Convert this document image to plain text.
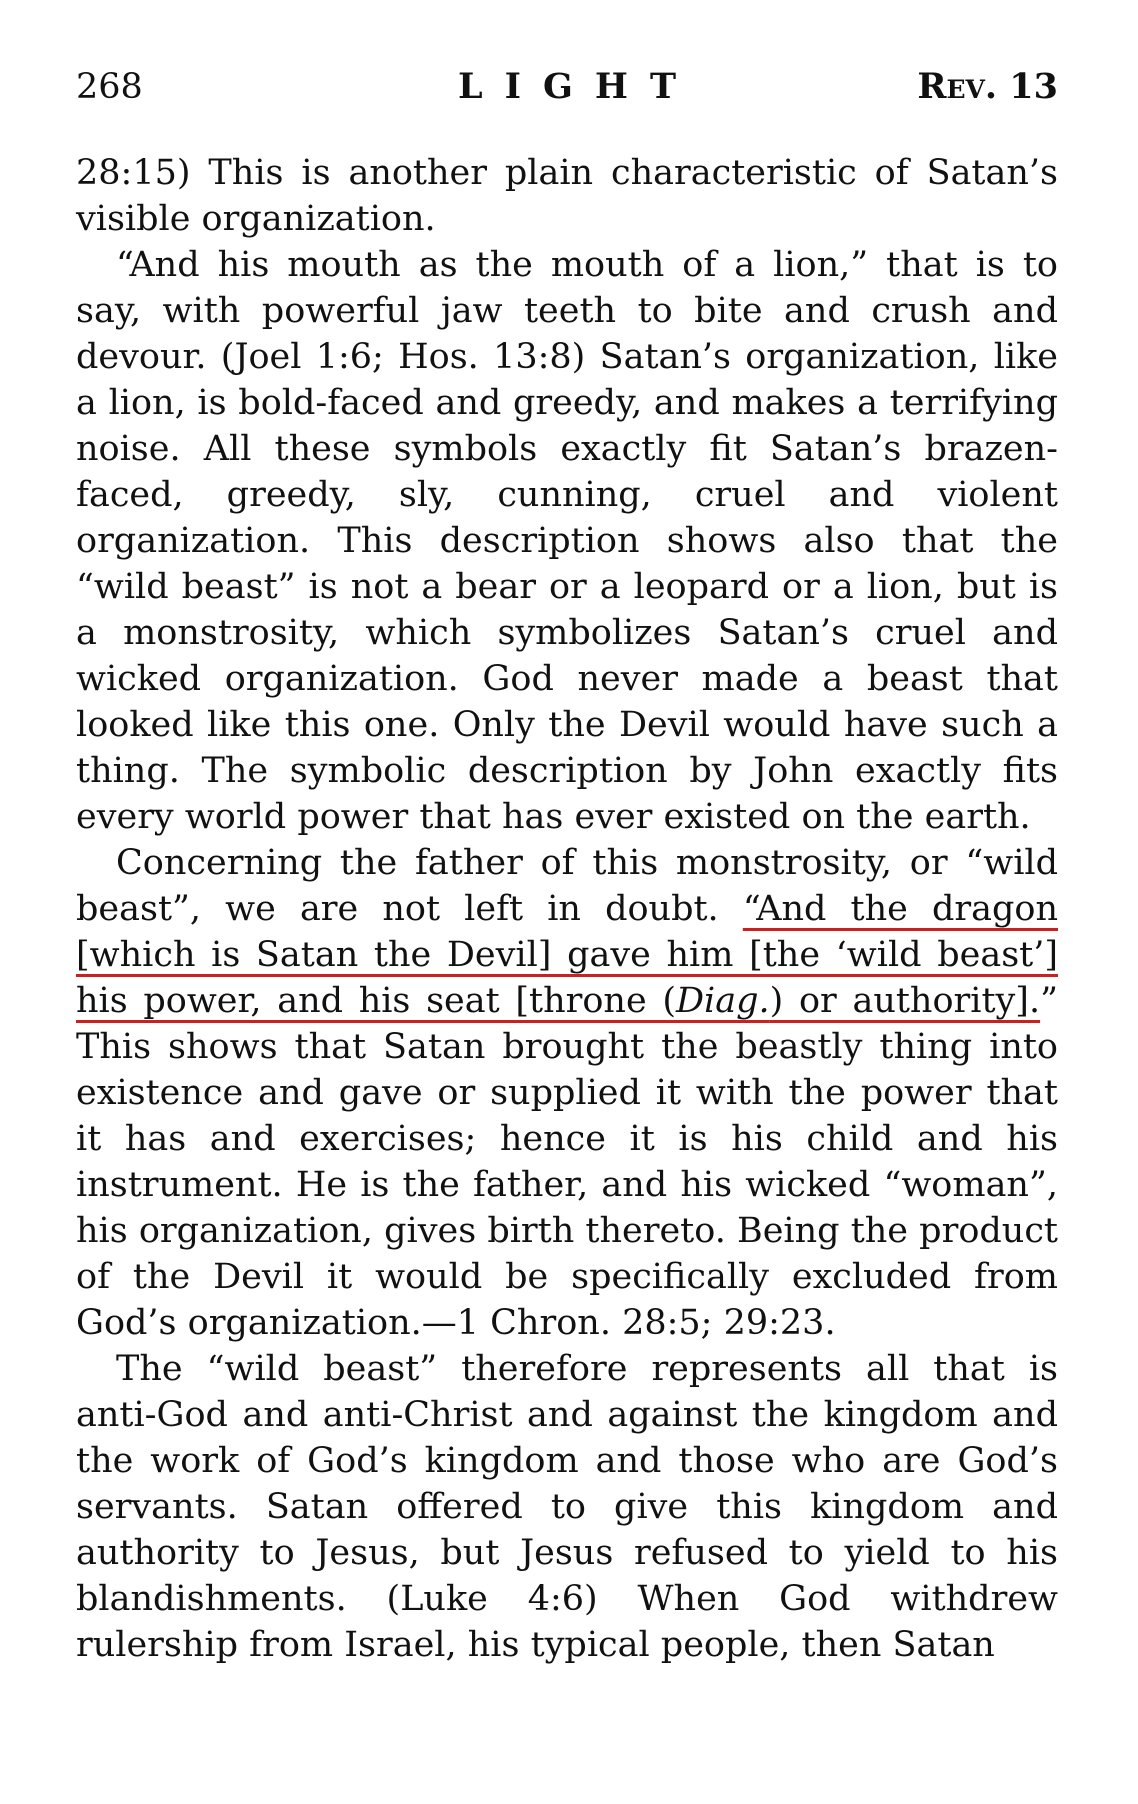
268	LIGHT	Rev. 13

28:15) This is another plain characteristic of Satan’s visible organization.

“And his mouth as the mouth of a lion,” that is to say, with powerful jaw teeth to bite and crush and devour. (Joel 1:6; Hos. 13:8) Satan’s organization, like a lion, is bold-faced and greedy, and makes a terrifying noise. All these symbols exactly fit Satan’s brazen-faced, greedy, sly, cunning, cruel and violent organization. This description shows also that the “wild beast” is not a bear or a leopard or a lion, but is a monstrosity, which symbolizes Satan’s cruel and wicked organization. God never made a beast that looked like this one. Only the Devil would have such a thing. The symbolic description by John exactly fits every world power that has ever existed on the earth.

Concerning the father of this monstrosity, or “wild beast”, we are not left in doubt. “And the dragon [which is Satan the Devil] gave him [the ‘wild beast’] his power, and his seat [throne (Diag.) or authority].” This shows that Satan brought the beastly thing into existence and gave or supplied it with the power that it has and exercises; hence it is his child and his instrument. He is the father, and his wicked “woman”, his organization, gives birth thereto. Being the product of the Devil it would be specifically excluded from God’s organization.—1 Chron. 28:5; 29:23.

The “wild beast” therefore represents all that is anti-God and anti-Christ and against the kingdom and the work of God’s kingdom and those who are God’s servants. Satan offered to give this kingdom and authority to Jesus, but Jesus refused to yield to his blandishments. (Luke 4:6) When God withdrew rulership from Israel, his typical people, then Satan
